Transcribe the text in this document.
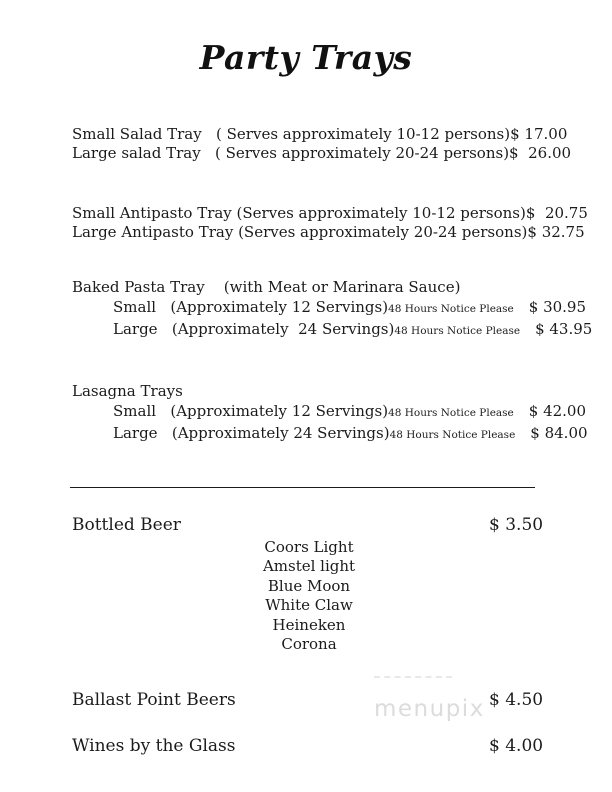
Party Trays
Small Salad Tray   ( Serves approximately 10-12 persons) $ 17.00
Large salad Tray   ( Serves approximately 20-24 persons) $  26.00
Small Antipasto Tray (Serves approximately 10-12 persons) $  20.75
Large Antipasto Tray (Serves approximately 20-24 persons) $ 32.75
Baked Pasta Tray    (with Meat or Marinara Sauce)
Small   (Approximately 12 Servings) 48 Hours Notice Please $ 30.95
Large   (Approximately  24 Servings) 48 Hours Notice Please $ 43.95
Lasagna Trays
Small   (Approximately 12 Servings) 48 Hours Notice Please $ 42.00
Large   (Approximately 24 Servings) 48 Hours Notice Please $ 84.00
Bottled Beer	$ 3.50
Coors Light
Amstel light
Blue Moon
White Claw
Heineken
Corona
Ballast Point Beers	$ 4.50
Wines by the Glass	$ 4.00
menupix
